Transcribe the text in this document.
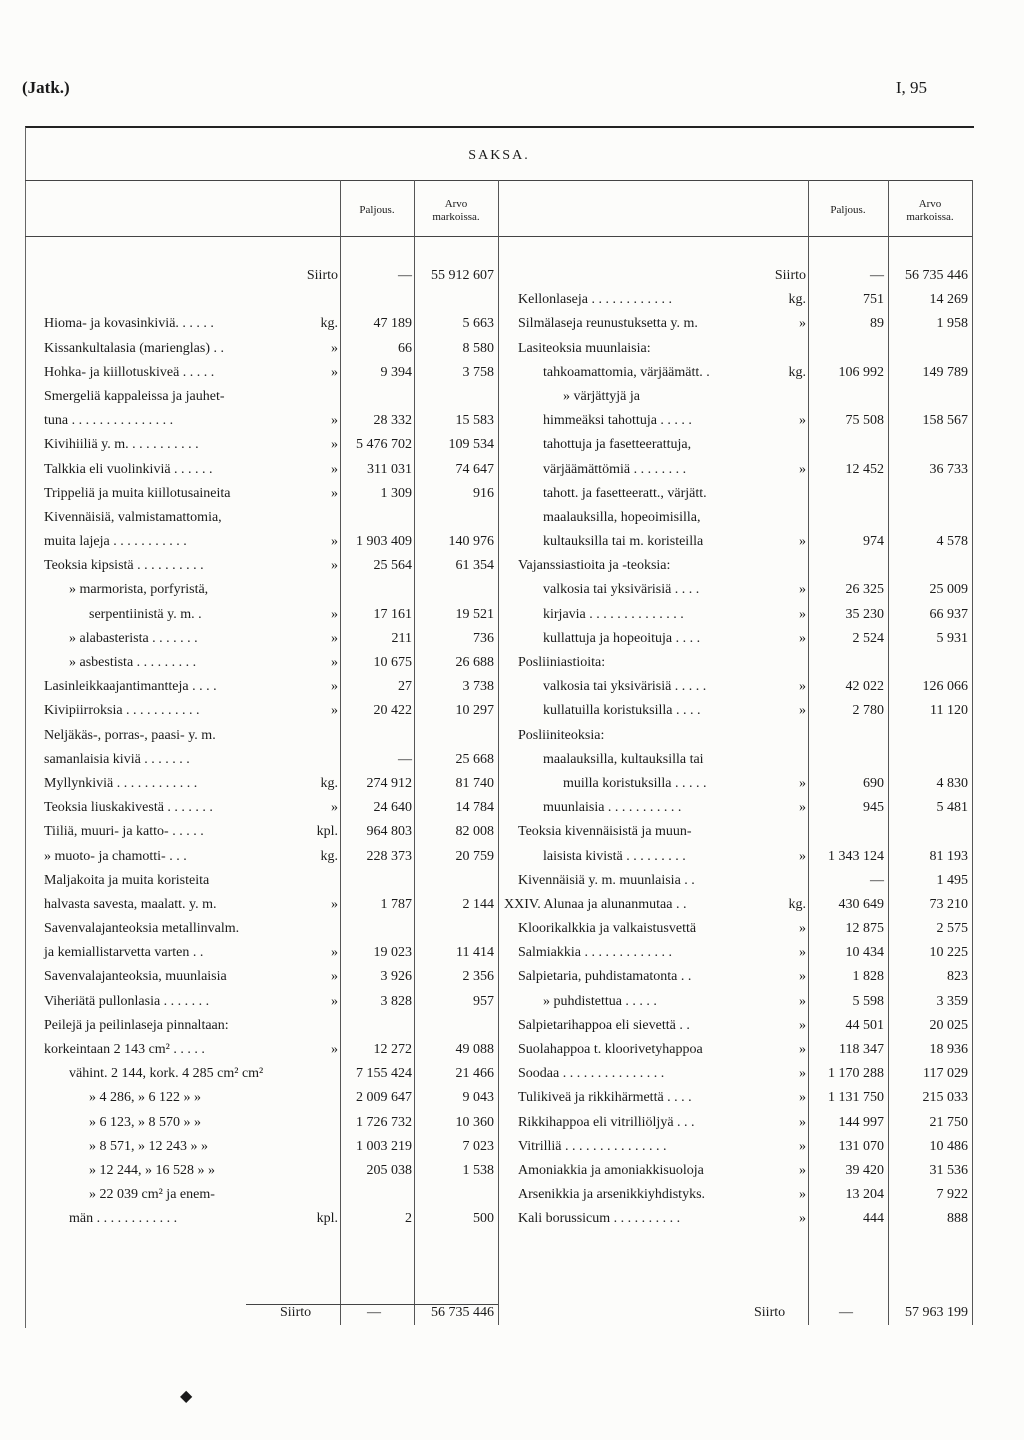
(Jatk.)	I, 95
SAKSA.
Paljous.	Arvo
markoissa.
Paljous.	Arvo
markoissa.
Siirto	— 55 912 607
Hioma- ja kovasinkiviä. . . . . .	kg.	47 189	5 663
Kissankultalasia (marienglas) . .	»	66	8 580
Hohka- ja kiillotuskiveä . . . . .	»	9 394	3 758
Smergeliä kappaleissa ja jauhet-
tuna . . . . . . . . . . . . . . .	»	28 332	15 583
Kivihiiliä y. m. . . . . . . . . . .	» 5 476 702	109 534
Talkkia eli vuolinkiviä . . . . . .	» 311 031	74 647
Trippeliä ja muita kiillotusaineita	»	1 309	916
Kivennäisiä, valmistamattomia,
muita lajeja . . . . . . . . . . .	» 1 903 409	140 976
Teoksia kipsistä . . . . . . . . . .	»	25 564	61 354
» marmorista, porfyristä,
serpentiinistä y. m. .	»	17 161	19 521
» alabasterista . . . . . . .	»	211	736
» asbestista . . . . . . . . .	»	10 675	26 688
Lasinleikkaajantimantteja . . . .	»	27	3 738
Kivipiirroksia . . . . . . . . . . .	»	20 422	10 297
Neljäkäs-, porras-, paasi- y. m.
samanlaisia kiviä . . . . . . .	—	25 668
Myllynkiviä . . . . . . . . . . . .	kg. 274 912	81 740
Teoksia liuskakivestä . . . . . . .	»	24 640	14 784
Tiiliä, muuri- ja katto- . . . . .	kpl. 964 803	82 008
» muoto- ja chamotti- . . .	kg. 228 373	20 759
Maljakoita ja muita koristeita
halvasta savesta, maalatt. y. m.	»	1 787	2 144
Savenvalajanteoksia metallinvalm.
ja kemiallistarvetta varten . .	»	19 023	11 414
Savenvalajanteoksia, muunlaisia	»	3 926	2 356
Viheriätä pullonlasia . . . . . . .	»	3 828	957
Peilejä ja peilinlaseja pinnaltaan:
korkeintaan 2 143 cm² . . . . .	»	12 272	49 088
vähint. 2 144, kork. 4 285 cm² cm²	7 155 424	21 466
» 4 286, » 6 122 » »	2 009 647	9 043
» 6 123, » 8 570 » »	1 726 732	10 360
» 8 571, » 12 243 » »	1 003 219	7 023
» 12 244, » 16 528 » »	205 038	1 538
» 22 039 cm² ja enem-
män . . . . . . . . . . . .	kpl.	2	500
Siirto	— 56 735 446
Kellonlaseja . . . . . . . . . . . .	kg.	751	14 269
Silmälaseja reunustuksetta y. m.	»	89	1 958
Lasiteoksia muunlaisia:
tahkoamattomia, värjäämätt. .	kg. 106 992	149 789
» värjättyjä ja
himmeäksi tahottuja . . . . .	»	75 508	158 567
tahottuja ja fasetteerattuja,
värjäämättömiä . . . . . . . .	»	12 452	36 733
tahott. ja fasetteeratt., värjätt.
maalauksilla, hopeoimisilla,
kultauksilla tai m. koristeilla	»	974	4 578
Vajanssiastioita ja -teoksia:
valkosia tai yksivärisiä . . . .	»	26 325	25 009
kirjavia . . . . . . . . . . . . . .	»	35 230	66 937
kullattuja ja hopeoituja . . . .	»	2 524	5 931
Posliiniastioita:
valkosia tai yksivärisiä . . . . .	»	42 022	126 066
kullatuilla koristuksilla . . . .	»	2 780	11 120
Posliiniteoksia:
maalauksilla, kultauksilla tai
muilla koristuksilla . . . . .	»	690	4 830
muunlaisia . . . . . . . . . . .	»	945	5 481
Teoksia kivennäisistä ja muun-
laisista kivistä . . . . . . . . .	» 1 343 124	81 193
Kivennäisiä y. m. muunlaisia . .	—	1 495
XXIV. Alunaa ja alunanmutaa . .	kg. 430 649	73 210
Kloorikalkkia ja valkaistusvettä	»	12 875	2 575
Salmiakkia . . . . . . . . . . . . .	»	10 434	10 225
Salpietaria, puhdistamatonta . .	»	1 828	823
» puhdistettua . . . . .	»	5 598	3 359
Salpietarihappoa eli sievettä . .	»	44 501	20 025
Suolahappoa t. kloorivetyhappoa	» 118 347	18 936
Soodaa . . . . . . . . . . . . . . .	» 1 170 288	117 029
Tulikiveä ja rikkihärmettä . . . .	» 1 131 750	215 033
Rikkihappoa eli vitrilliöljyä . . .	» 144 997	21 750
Vitrilliä . . . . . . . . . . . . . . .	» 131 070	10 486
Amoniakkia ja amoniakkisuoloja	»	39 420	31 536
Arsenikkia ja arsenikkiyhdistyks.	»	13 204	7 922
Kali borussicum . . . . . . . . . .	»	444	888
Siirto	—	56 735 446	Siirto	—	57 963 199
◆
